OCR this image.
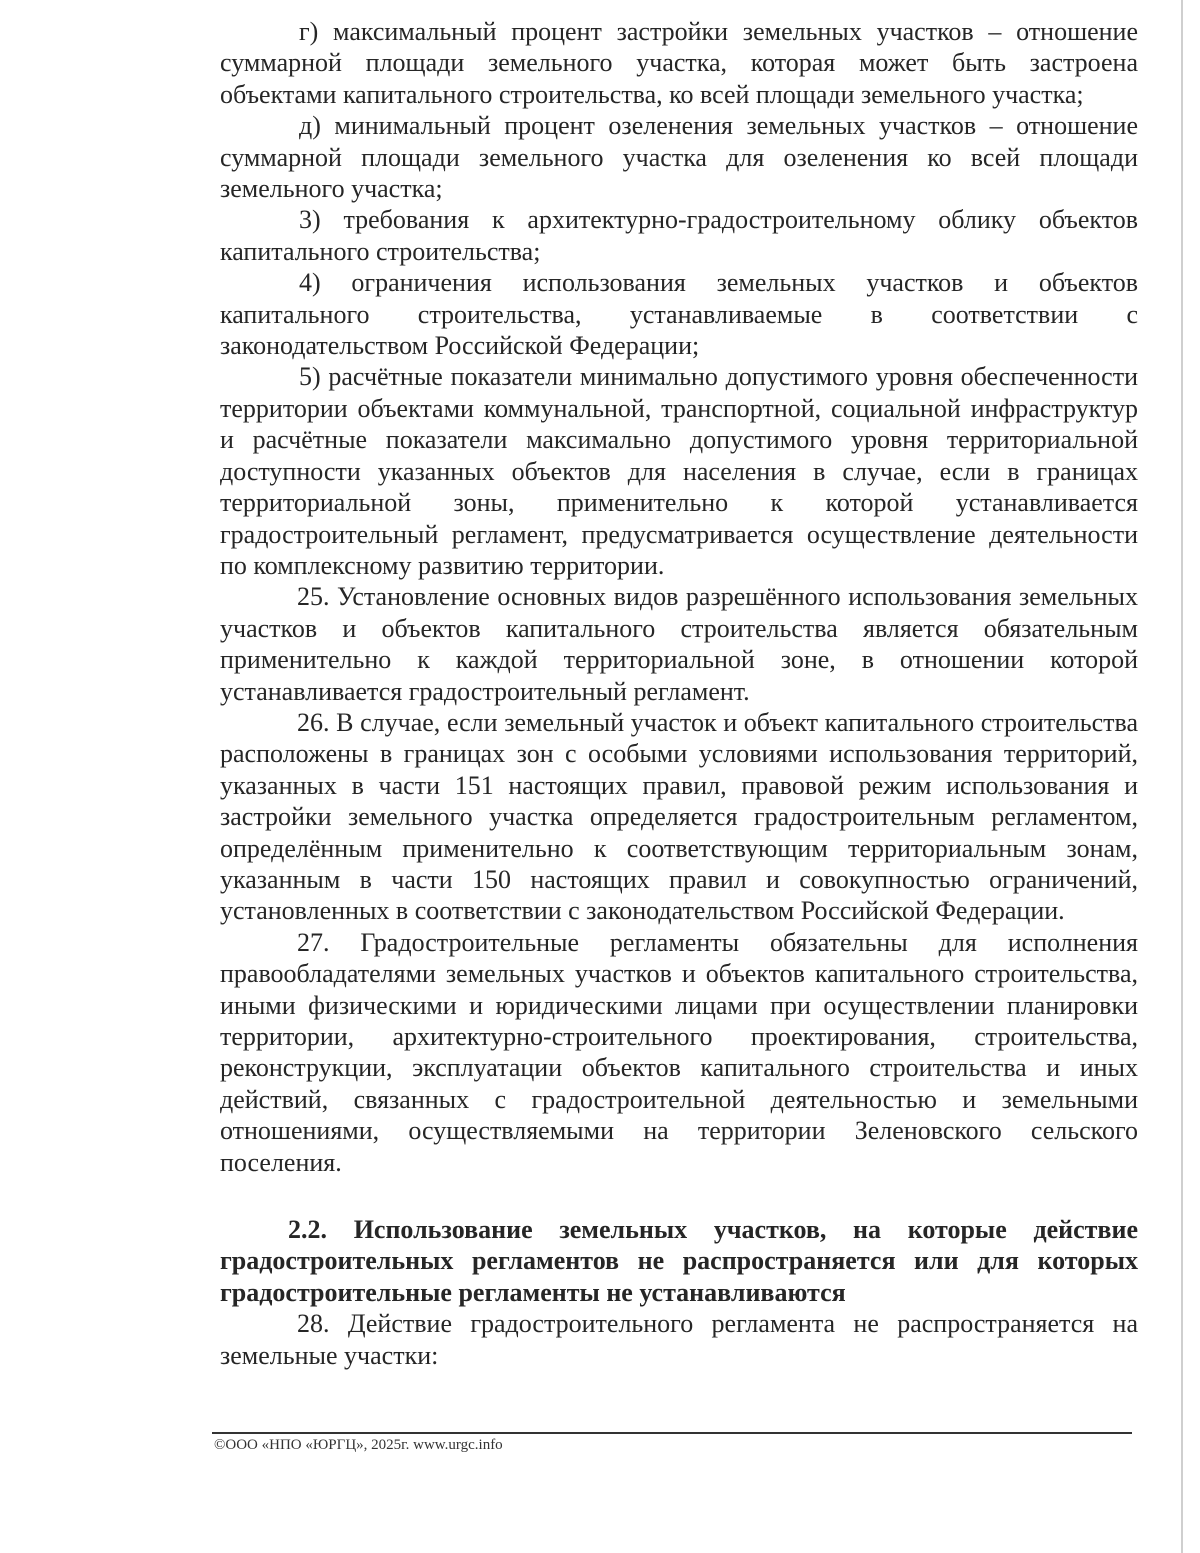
г) максимальный процент застройки земельных участков – отношение суммарной площади земельного участка, которая может быть застроена объектами капитального строительства, ко всей площади земельного участка;

д) минимальный процент озеленения земельных участков – отношение суммарной площади земельного участка для озеленения ко всей площади земельного участка;

3) требования к архитектурно-градостроительному облику объектов капитального строительства;

4) ограничения использования земельных участков и объектов капитального строительства, устанавливаемые в соответствии с законодательством Российской Федерации;

5) расчётные показатели минимально допустимого уровня обеспеченности территории объектами коммунальной, транспортной, социальной инфраструктур и расчётные показатели максимально допустимого уровня территориальной доступности указанных объектов для населения в случае, если в границах территориальной зоны, применительно к которой устанавливается градостроительный регламент, предусматривается осуществление деятельности по комплексному развитию территории.

25. Установление основных видов разрешённого использования земельных участков и объектов капитального строительства является обязательным применительно к каждой территориальной зоне, в отношении которой устанавливается градостроительный регламент.

26. В случае, если земельный участок и объект капитального строительства расположены в границах зон с особыми условиями использования территорий, указанных в части 151 настоящих правил, правовой режим использования и застройки земельного участка определяется градостроительным регламентом, определённым применительно к соответствующим территориальным зонам, указанным в части 150 настоящих правил и совокупностью ограничений, установленных в соответствии с законодательством Российской Федерации.

27. Градостроительные регламенты обязательны для исполнения правообладателями земельных участков и объектов капитального строительства, иными физическими и юридическими лицами при осуществлении планировки территории, архитектурно-строительного проектирования, строительства, реконструкции, эксплуатации объектов капитального строительства и иных действий, связанных с градостроительной деятельностью и земельными отношениями, осуществляемыми на территории Зеленовского сельского поселения.

2.2. Использование земельных участков, на которые действие градостроительных регламентов не распространяется или для которых градостроительные регламенты не устанавливаются

28. Действие градостроительного регламента не распространяется на земельные участки:

©ООО «НПО «ЮРГЦ», 2025г. www.urgc.info
